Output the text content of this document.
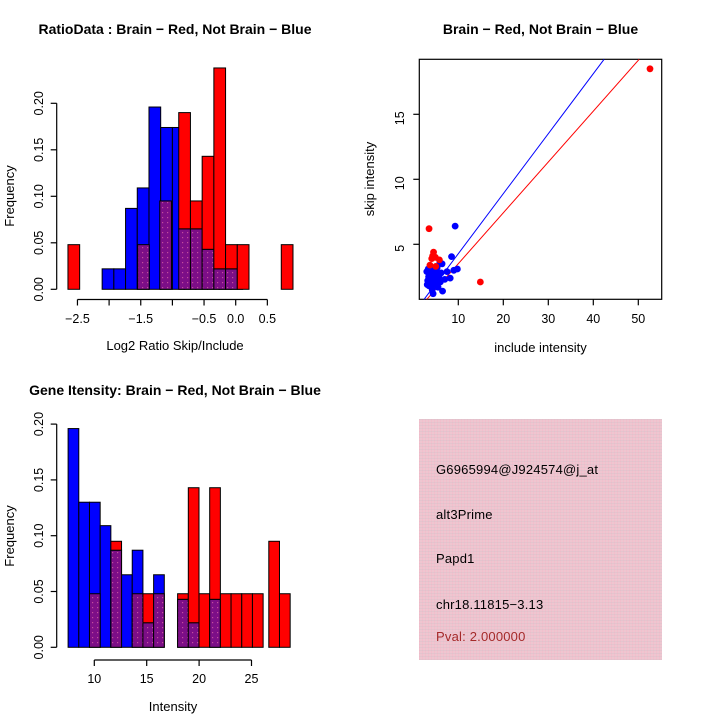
−2.5	−1.5	−0.5 0.0 0.5
0.00
0.05
0.10
0.15
0.20
RatioData : Brain − Red, Not Brain − Blue
Log2 Ratio Skip/Include
Frequency
10 20 30 40 50
5
10
15
Brain − Red, Not Brain − Blue
include intensity
skip intensity
10	15	20	25
0.00
0.05
0.10
0.15
0.20
Gene Itensity: Brain − Red, Not Brain − Blue
Intensity
Frequency
G6965994@J924574@j_at
alt3Prime
Papd1
chr18.11815−3.13
Pval: 2.000000
